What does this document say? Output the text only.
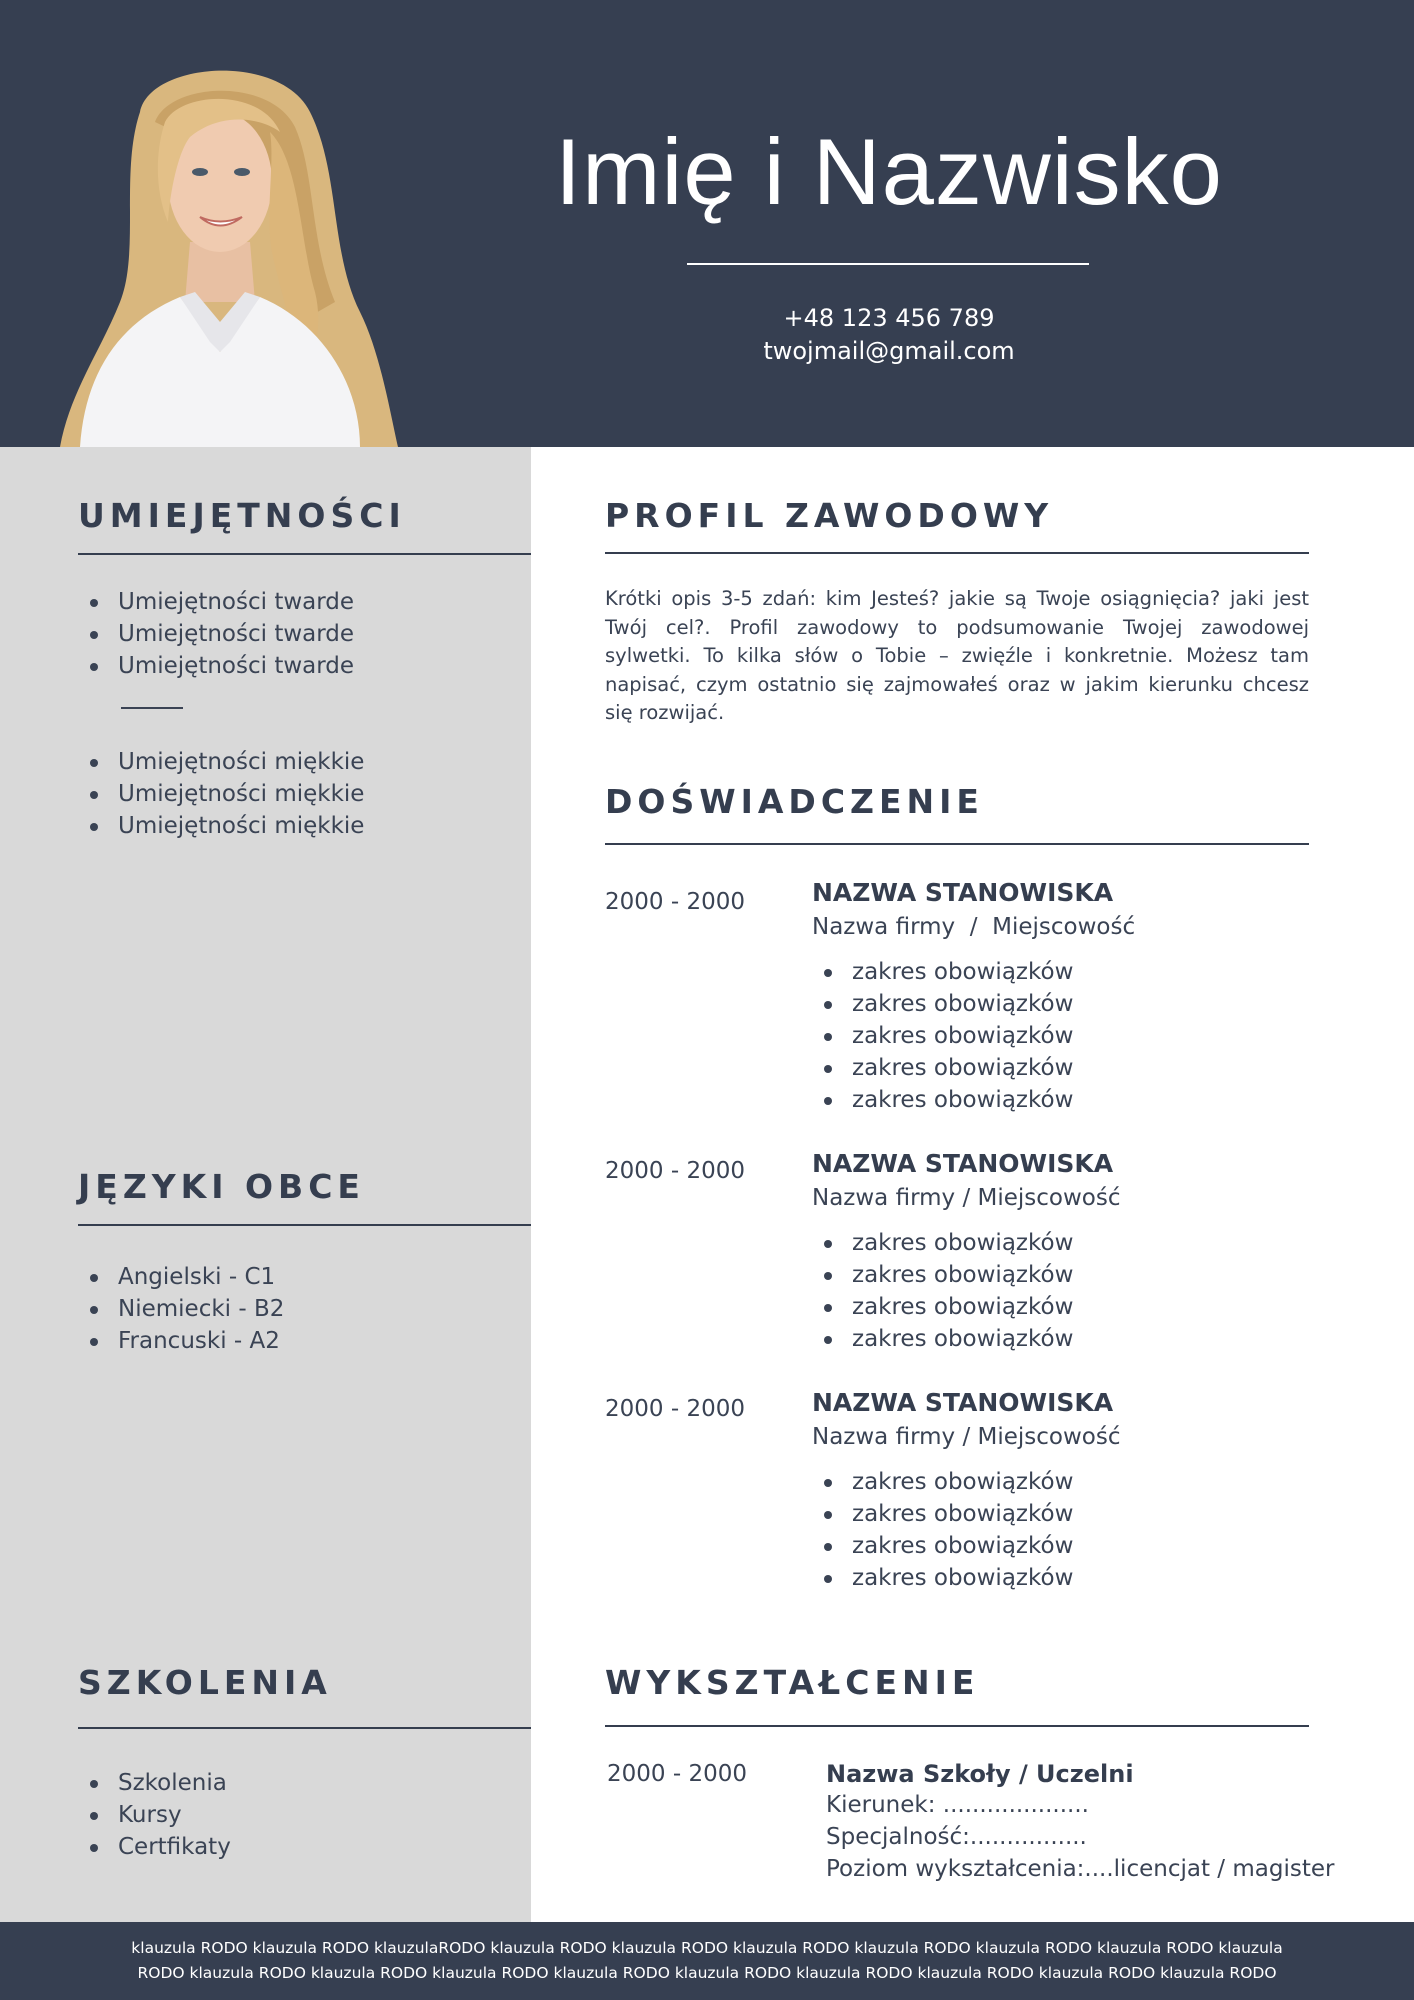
Imię i Nazwisko
+48 123 456 789
twojmail@gmail.com
UMIEJĘTNOŚCI
Umiejętności twarde
Umiejętności twarde
Umiejętności twarde
Umiejętności miękkie
Umiejętności miękkie
Umiejętności miękkie
JĘZYKI OBCE
Angielski - C1
Niemiecki - B2
Francuski - A2
SZKOLENIA
Szkolenia
Kursy
Certfikaty
PROFIL ZAWODOWY
Krótki opis 3-5 zdań: kim Jesteś? jakie są Twoje osiągnięcia? jaki jest Twój cel?. Profil zawodowy to podsumowanie Twojej zawodowej sylwetki. To kilka słów o Tobie – zwięźle i konkretnie. Możesz tam napisać, czym ostatnio się zajmowałeś oraz w jakim kierunku chcesz się rozwijać.
DOŚWIADCZENIE
2000 - 2000	NAZWA STANOWISKA
Nazwa firmy  /  Miejscowość
zakres obowiązków
zakres obowiązków
zakres obowiązków
zakres obowiązków
zakres obowiązków
2000 - 2000	NAZWA STANOWISKA
Nazwa firmy / Miejscowość
zakres obowiązków
zakres obowiązków
zakres obowiązków
zakres obowiązków
2000 - 2000	NAZWA STANOWISKA
Nazwa firmy / Miejscowość
zakres obowiązków
zakres obowiązków
zakres obowiązków
zakres obowiązków
WYKSZTAŁCENIE
2000 - 2000	Nazwa Szkoły / Uczelni
Kierunek: ....................
Specjalność:................
Poziom wykształcenia:....licencjat / magister
klauzula RODO klauzula RODO klauzulaRODO klauzula RODO klauzula RODO klauzula RODO klauzula RODO klauzula RODO klauzula RODO klauzula
RODO klauzula RODO klauzula RODO klauzula RODO klauzula RODO klauzula RODO klauzula RODO klauzula RODO klauzula RODO klauzula RODO
